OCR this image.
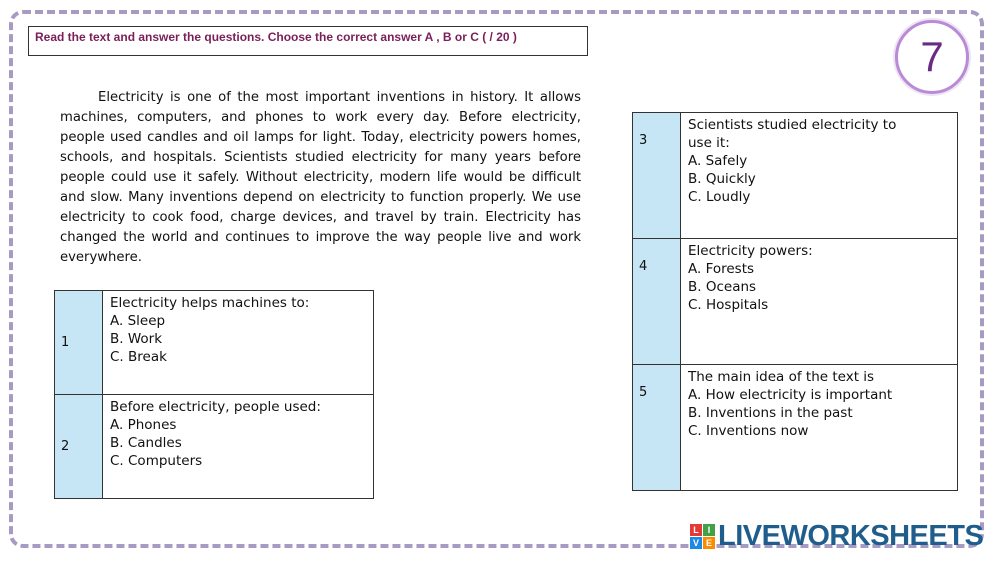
Read the text and answer the questions. Choose the correct answer A , B or C ( / 20 )	7

Electricity is one of the most important inventions in history. It allows machines, computers, and phones to work every day. Before electricity, people used candles and oil lamps for light. Today, electricity powers homes, schools, and hospitals. Scientists studied electricity for many years before people could use it safely. Without electricity, modern life would be difficult and slow. Many inventions depend on electricity to function properly. We use electricity to cook food, charge devices, and travel by train. Electricity has changed the world and continues to improve the way people live and work everywhere.

1	Electricity helps machines to:
A. Sleep
B. Work
C. Break

2	Before electricity, people used:
A. Phones
B. Candles
C. Computers
3	Scientists studied electricity to
use it:
A. Safely
B. Quickly
C. Loudly

4	Electricity powers:
A. Forests
B. Oceans
C. Hospitals

5	The main idea of the text is
A. How electricity is important
B. Inventions in the past
C. Inventions now
L I
V E LIVEWORKSHEETS
